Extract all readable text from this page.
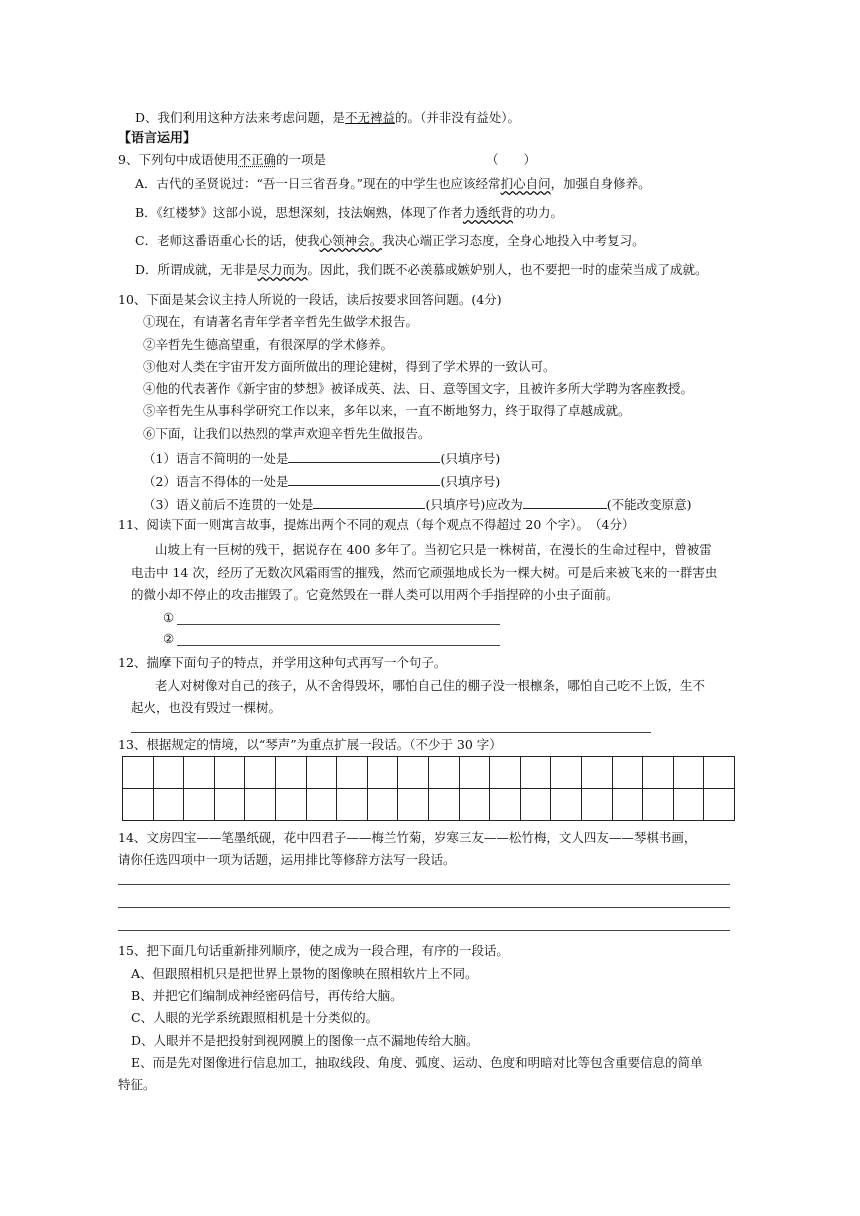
D、我们利用这种方法来考虑问题，是不无裨益的。（并非没有益处）。
【语言运用】
9、下列句中成语使用不正确的一项是	（　　）
A．古代的圣贤说过：“吾一日三省吾身。”现在的中学生也应该经常扪心自问，加强自身修养。
B．《红楼梦》这部小说，思想深刻，技法娴熟，体现了作者力透纸背的功力。
C．老师这番语重心长的话，使我心领神会。我决心端正学习态度，全身心地投入中考复习。
D．所谓成就，无非是尽力而为。因此，我们既不必羡慕或嫉妒别人，也不要把一时的虚荣当成了成就。
10、下面是某会议主持人所说的一段话，读后按要求回答问题。(4分)
①现在，有请著名青年学者辛哲先生做学术报告。
②辛哲先生德高望重，有很深厚的学术修养。
③他对人类在宇宙开发方面所做出的理论建树，得到了学术界的一致认可。
④他的代表著作《新宇宙的梦想》被译成英、法、日、意等国文字，且被许多所大学聘为客座教授。
⑤辛哲先生从事科学研究工作以来，多年以来，一直不断地努力，终于取得了卓越成就。
⑥下面，让我们以热烈的掌声欢迎辛哲先生做报告。
（1）语言不简明的一处是	(只填序号)
（2）语言不得体的一处是	(只填序号)
（3）语义前后不连贯的一处是	(只填序号)应改为	(不能改变原意)
11、阅读下面一则寓言故事，提炼出两个不同的观点（每个观点不得超过 20 个字）。　（4分）
山坡上有一巨树的残干，据说存在 400 多年了。当初它只是一株树苗，在漫长的生命过程中，曾被雷
电击中 14 次，经历了无数次风霜雨雪的摧残，然而它顽强地成长为一棵大树。可是后来被飞来的一群害虫
的微小却不停止的攻击摧毁了。它竟然毁在一群人类可以用两个手指捏碎的小虫子面前。
①
②
12、揣摩下面句子的特点，并学用这种句式再写一个句子。
老人对树像对自己的孩子，从不舍得毁坏，哪怕自己住的棚子没一根檩条，哪怕自己吃不上饭，生不
起火，也没有毁过一棵树。
13、根据规定的情境，以“琴声”为重点扩展一段话。（不少于 30 字）

14、文房四宝——笔墨纸砚，花中四君子——梅兰竹菊，岁寒三友——松竹梅，文人四友——琴棋书画，
请你任选四项中一项为话题，运用排比等修辞方法写一段话。
15、把下面几句话重新排列顺序，使之成为一段合理，有序的一段话。
A、但跟照相机只是把世界上景物的图像映在照相软片上不同。
B、并把它们编制成神经密码信号，再传给大脑。
C、人眼的光学系统跟照相机是十分类似的。
D、人眼并不是把投射到视网膜上的图像一点不漏地传给大脑。
E、而是先对图像进行信息加工，抽取线段、角度、弧度、运动、色度和明暗对比等包含重要信息的简单
特征。
